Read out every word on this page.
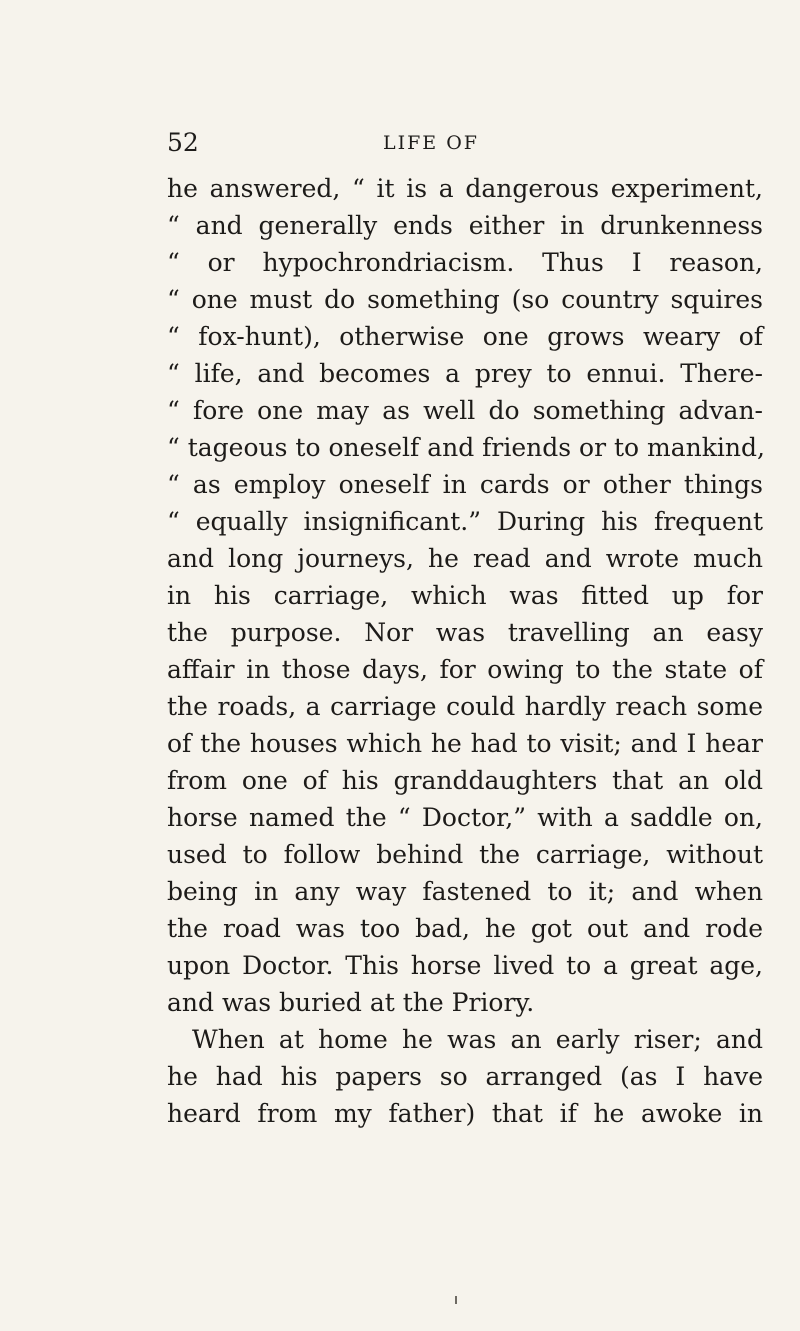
52	LIFE OF
he answered, “ it is a dangerous experiment,
“ and generally ends either in drunkenness
“ or hypochrondriacism. Thus I reason,
“ one must do something (so country squires
“ fox-hunt), otherwise one grows weary of
“ life, and becomes a prey to ennui. There-
“ fore one may as well do something advan-
“ tageous to oneself and friends or to mankind,
“ as employ oneself in cards or other things
“ equally insignificant.” During his frequent
and long journeys, he read and wrote much
in his carriage, which was fitted up for
the purpose. Nor was travelling an easy
affair in those days, for owing to the state of
the roads, a carriage could hardly reach some
of the houses which he had to visit; and I hear
from one of his granddaughters that an old
horse named the “ Doctor,” with a saddle on,
used to follow behind the carriage, without
being in any way fastened to it; and when
the road was too bad, he got out and rode
upon Doctor. This horse lived to a great age,
and was buried at the Priory.
When at home he was an early riser; and
he had his papers so arranged (as I have
heard from my father) that if he awoke in
